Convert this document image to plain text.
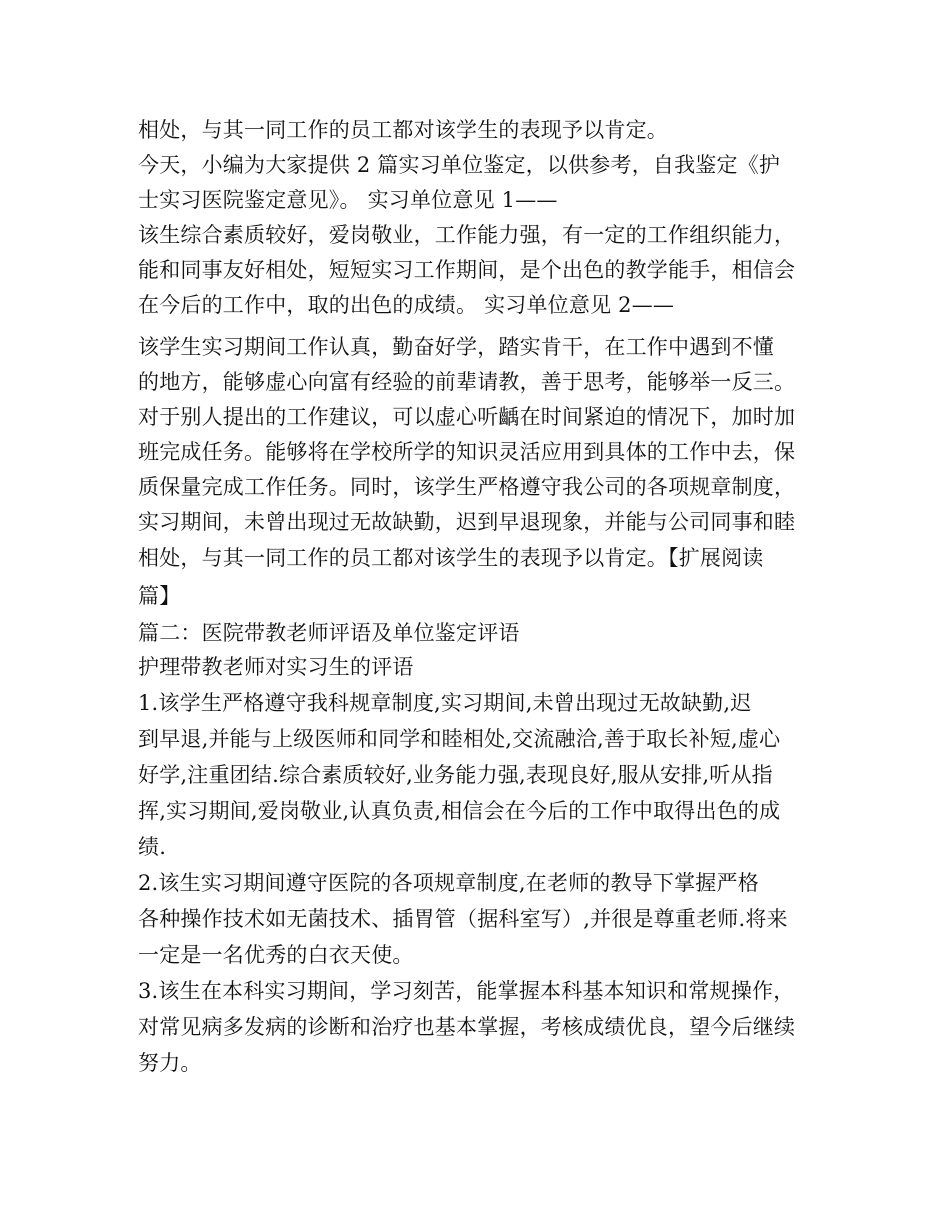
相处，与其一同工作的员工都对该学生的表现予以肯定。
今天，小编为大家提供 2 篇实习单位鉴定，以供参考，自我鉴定《护
士实习医院鉴定意见》。 实习单位意见 1——
该生综合素质较好，爱岗敬业，工作能力强，有一定的工作组织能力，
能和同事友好相处，短短实习工作期间，是个出色的教学能手，相信会
在今后的工作中，取的出色的成绩。 实习单位意见 2——
该学生实习期间工作认真，勤奋好学，踏实肯干，在工作中遇到不懂
的地方，能够虚心向富有经验的前辈请教，善于思考，能够举一反三。
对于别人提出的工作建议，可以虚心听齲在时间紧迫的情况下，加时加
班完成任务。能够将在学校所学的知识灵活应用到具体的工作中去，保
质保量完成工作任务。同时，该学生严格遵守我公司的各项规章制度，
实习期间，未曾出现过无故缺勤，迟到早退现象，并能与公司同事和睦
相处，与其一同工作的员工都对该学生的表现予以肯定。【扩展阅读
篇】
篇二：医院带教老师评语及单位鉴定评语
护理带教老师对实习生的评语
1.该学生严格遵守我科规章制度,实习期间,未曾出现过无故缺勤,迟
到早退,并能与上级医师和同学和睦相处,交流融洽,善于取长补短,虚心
好学,注重团结.综合素质较好,业务能力强,表现良好,服从安排,听从指
挥,实习期间,爱岗敬业,认真负责,相信会在今后的工作中取得出色的成
绩.
2.该生实习期间遵守医院的各项规章制度,在老师的教导下掌握严格
各种操作技术如无菌技术、插胃管（据科室写）,并很是尊重老师.将来
一定是一名优秀的白衣天使。
3.该生在本科实习期间，学习刻苦，能掌握本科基本知识和常规操作，
对常见病多发病的诊断和治疗也基本掌握，考核成绩优良，望今后继续
努力。
